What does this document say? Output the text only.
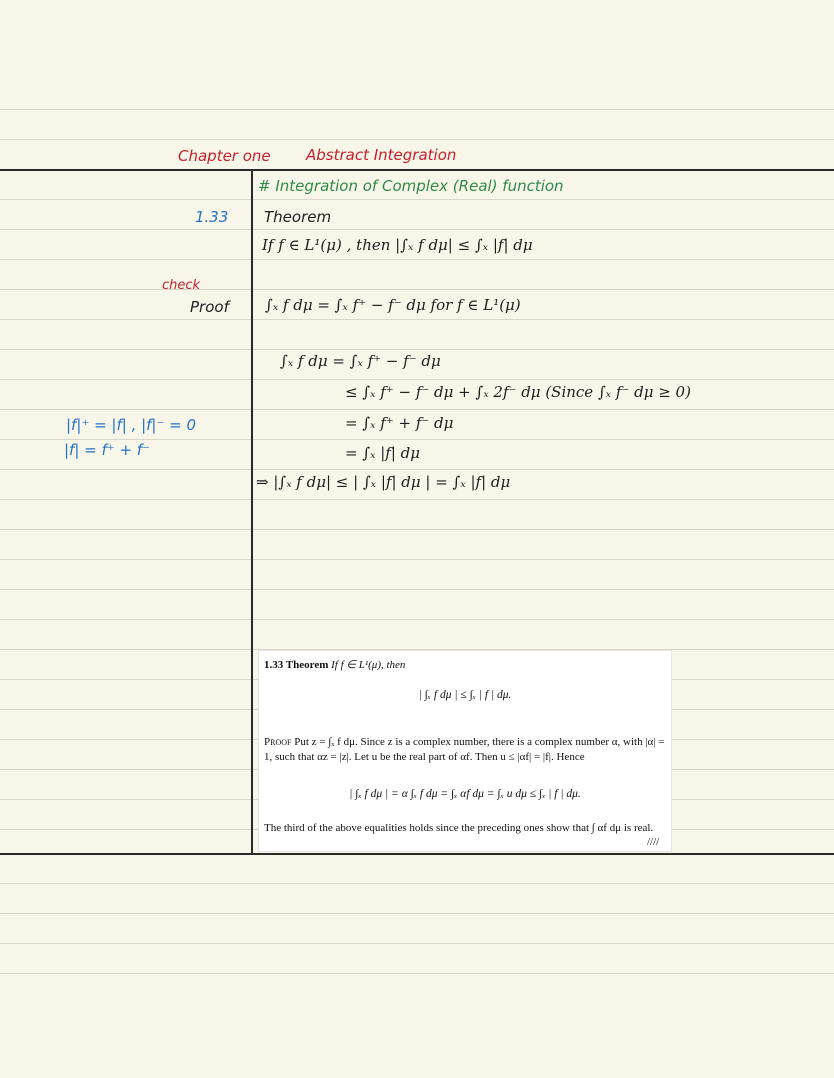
Chapter one Abstract Integration
# Integration of Complex (Real) function
1.33
check
Proof
|f|⁺ = |f| , |f|⁻ = 0
|f| = f⁺ + f⁻
Theorem
If f ∈ L¹(μ) , then |∫ₓ f dμ| ≤ ∫ₓ |f| dμ
∫ₓ f dμ = ∫ₓ f⁺ − f⁻ dμ for f ∈ L¹(μ)
∫ₓ f dμ = ∫ₓ f⁺ − f⁻ dμ
≤ ∫ₓ f⁺ − f⁻ dμ + ∫ₓ 2f⁻ dμ (Since ∫ₓ f⁻ dμ ≥ 0)
= ∫ₓ f⁺ + f⁻ dμ
= ∫ₓ |f| dμ
⇒ |∫ₓ f dμ| ≤ | ∫ₓ |f| dμ | = ∫ₓ |f| dμ
1.33 Theorem If f ∈ L¹(μ), then
| ∫ₓ f dμ | ≤ ∫ₓ | f | dμ.
Proof Put z = ∫ₓ f dμ. Since z is a complex number, there is a complex number α, with |α| = 1, such that αz = |z|. Let u be the real part of αf. Then u ≤ |αf| = |f|. Hence
| ∫ₓ f dμ | = α ∫ₓ f dμ = ∫ₓ αf dμ = ∫ₓ u dμ ≤ ∫ₓ | f | dμ.
The third of the above equalities holds since the preceding ones show that ∫ αf dμ is real.
////
